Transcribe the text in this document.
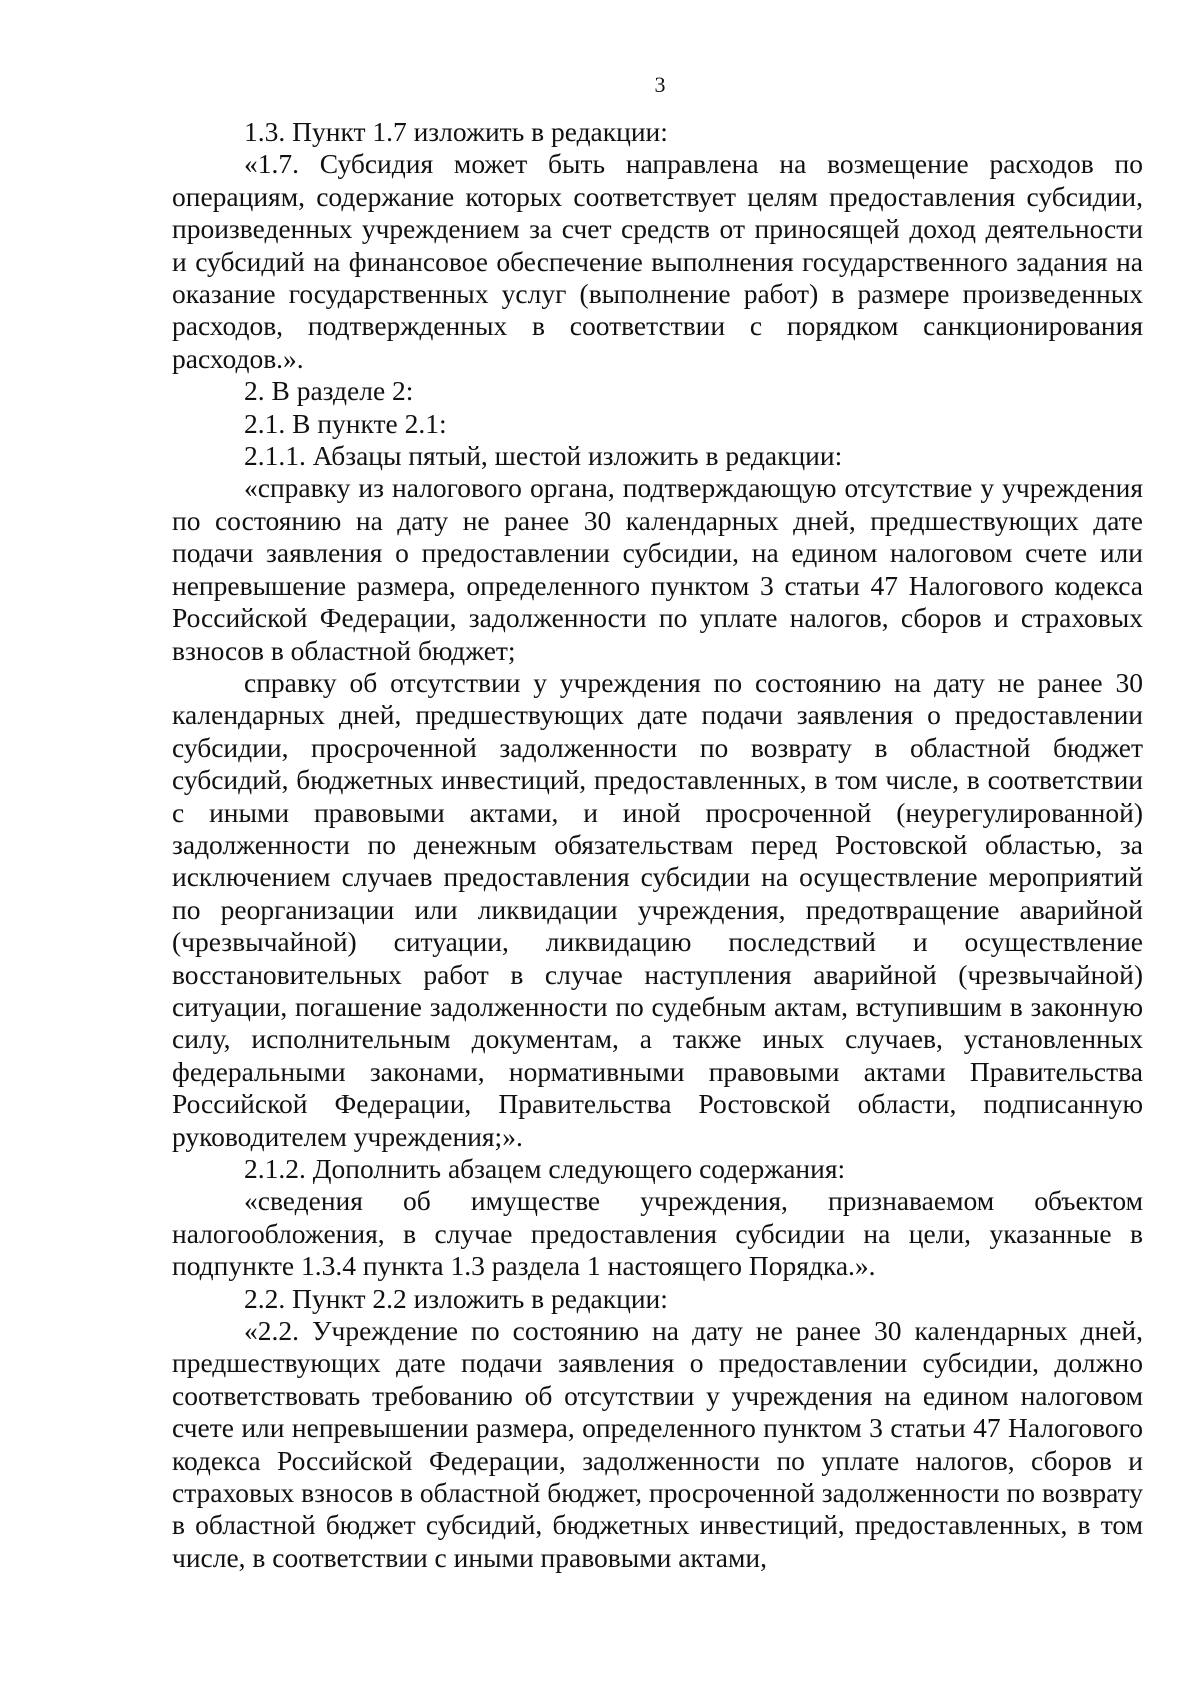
3

1.3. Пункт 1.7 изложить в редакции:

«1.7. Субсидия может быть направлена на возмещение расходов по операциям, содержание которых соответствует целям предоставления субсидии, произведенных учреждением за счет средств от приносящей доход деятельности и субсидий на финансовое обеспечение выполнения государственного задания на оказание государственных услуг (выполнение работ) в размере произведенных расходов, подтвержденных в соответствии с порядком санкционирования расходов.».

2. В разделе 2:

2.1. В пункте 2.1:

2.1.1. Абзацы пятый, шестой изложить в редакции:

«справку из налогового органа, подтверждающую отсутствие у учреждения по состоянию на дату не ранее 30 календарных дней, предшествующих дате подачи заявления о предоставлении субсидии, на едином налоговом счете или непревышение размера, определенного пунктом 3 статьи 47 Налогового кодекса Российской Федерации, задолженности по уплате налогов, сборов и страховых взносов в областной бюджет;

справку об отсутствии у учреждения по состоянию на дату не ранее 30 календарных дней, предшествующих дате подачи заявления о предоставлении субсидии, просроченной задолженности по возврату в областной бюджет субсидий, бюджетных инвестиций, предоставленных, в том числе, в соответствии с иными правовыми актами, и иной просроченной (неурегулированной) задолженности по денежным обязательствам перед Ростовской областью, за исключением случаев предоставления субсидии на осуществление мероприятий по реорганизации или ликвидации учреждения, предотвращение аварийной (чрезвычайной) ситуации, ликвидацию последствий и осуществление восстановительных работ в случае наступления аварийной (чрезвычайной) ситуации, погашение задолженности по судебным актам, вступившим в законную силу, исполнительным документам, а также иных случаев, установленных федеральными законами, нормативными правовыми актами Правительства Российской Федерации, Правительства Ростовской области, подписанную руководителем учреждения;».

2.1.2. Дополнить абзацем следующего содержания:

«сведения об имуществе учреждения, признаваемом объектом налогообложения, в случае предоставления субсидии на цели, указанные в подпункте 1.3.4 пункта 1.3 раздела 1 настоящего Порядка.».

2.2. Пункт 2.2 изложить в редакции:

«2.2. Учреждение по состоянию на дату не ранее 30 календарных дней, предшествующих дате подачи заявления о предоставлении субсидии, должно соответствовать требованию об отсутствии у учреждения на едином налоговом счете или непревышении размера, определенного пунктом 3 статьи 47 Налогового кодекса Российской Федерации, задолженности по уплате налогов, сборов и страховых взносов в областной бюджет, просроченной задолженности по возврату в областной бюджет субсидий, бюджетных инвестиций, предоставленных, в том числе, в соответствии с иными правовыми актами,
